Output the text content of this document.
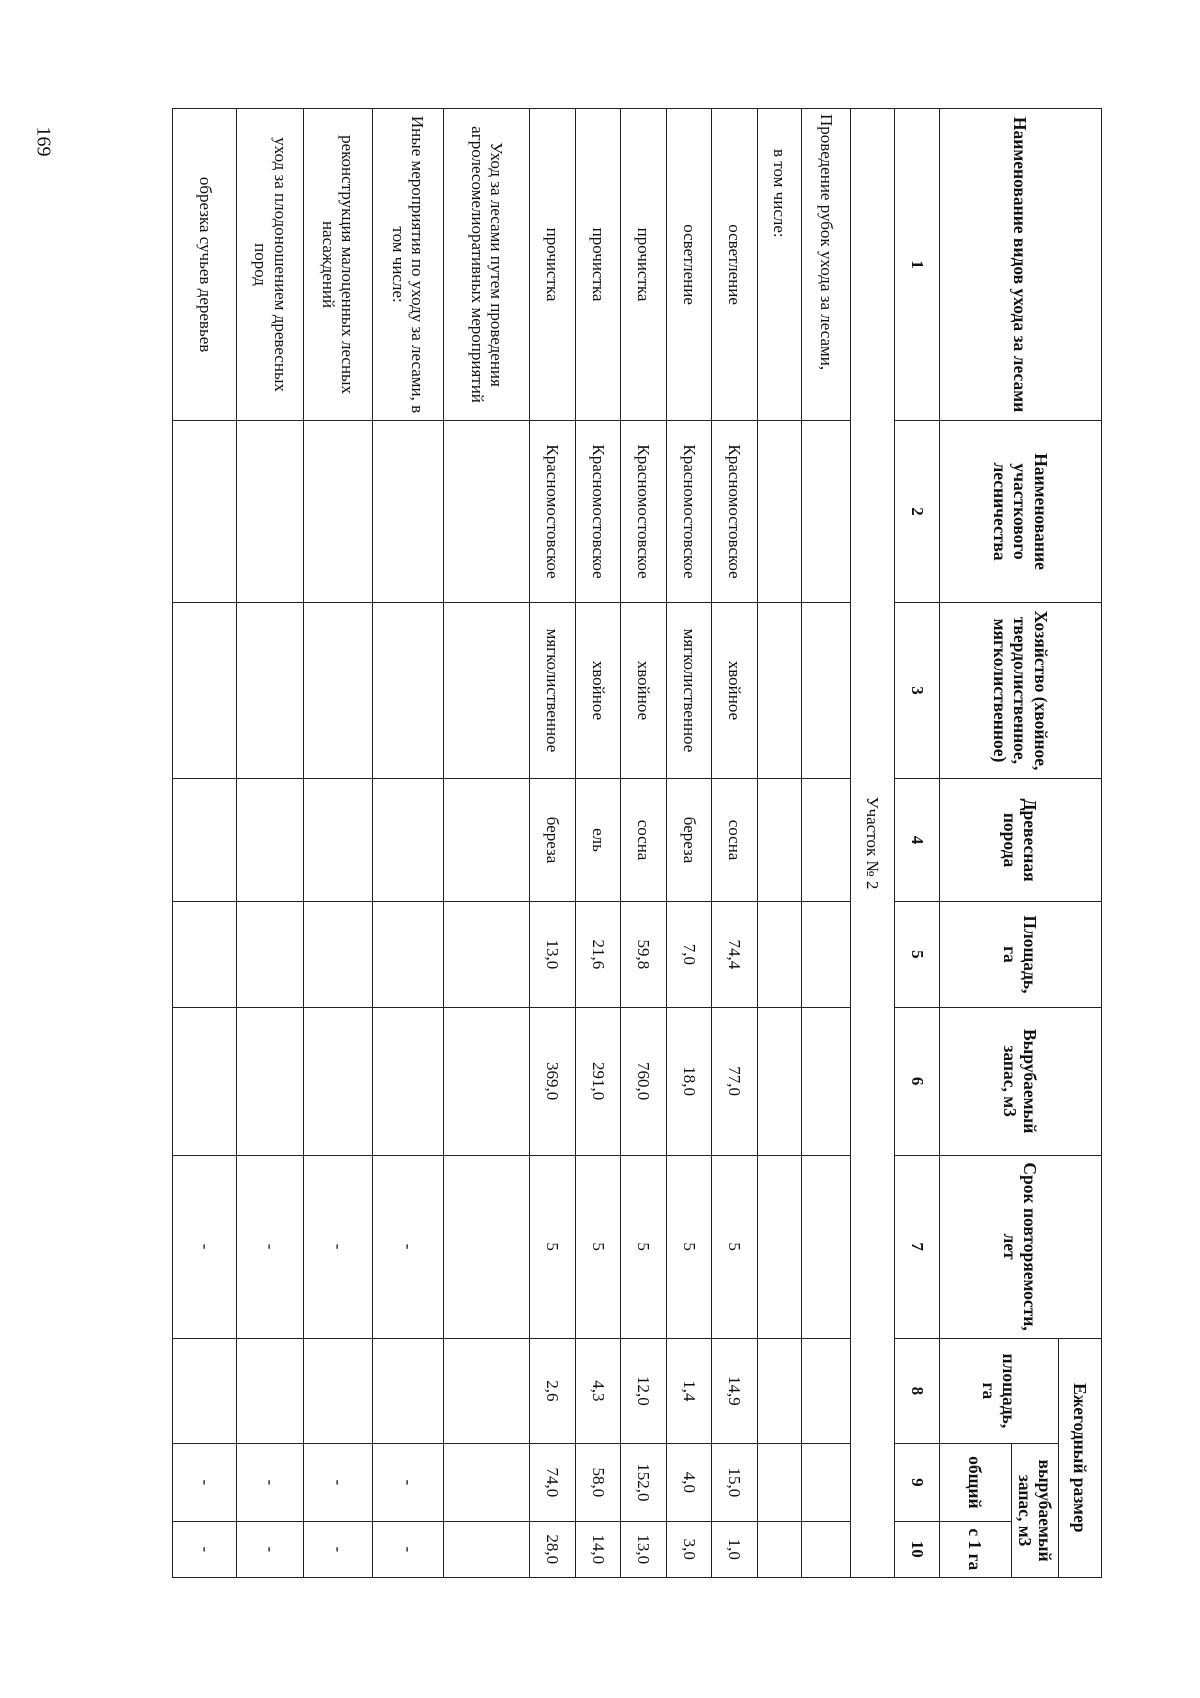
169	Наименование видов ухода за лесами	Наименование участкового лесничества	Хозяйство (хвойное, твердолиственное, мягколиственное)	Древесная порода	Площадь, га	Вырубаемый запас, м3	Срок повторяемости, лет	Ежегодный размер		
							площадь, га	вырубаемый запас, м3	
								общий	с 1 га
1	2	3	4	5	6	7	8	9	10
Участок № 2									
Проведение рубок ухода за лесами,									
в том числе:									
осветление	Красномостовское	хвойное	сосна	74,4	77,0	5	14,9	15,0	1,0
осветление	Красномостовское	мягколиственное	береза	7,0	18,0	5	1,4	4,0	3,0
прочистка	Красномостовское	хвойное	сосна	59,8	760,0	5	12,0	152,0	13,0
прочистка	Красномостовское	хвойное	ель	21,6	291,0	5	4,3	58,0	14,0
прочистка	Красномостовское	мягколиственное	береза	13,0	369,0	5	2,6	74,0	28,0
Уход за лесами путем проведения агролесомелиоративных мероприятий									
Иные мероприятия по уходу за лесами, в том числе:						-		-	-
реконструкция малоценных лесных насаждений						-		-	-
уход за плодоношением древесных пород						-		-	-
обрезка сучьев деревьев						-		-	-
